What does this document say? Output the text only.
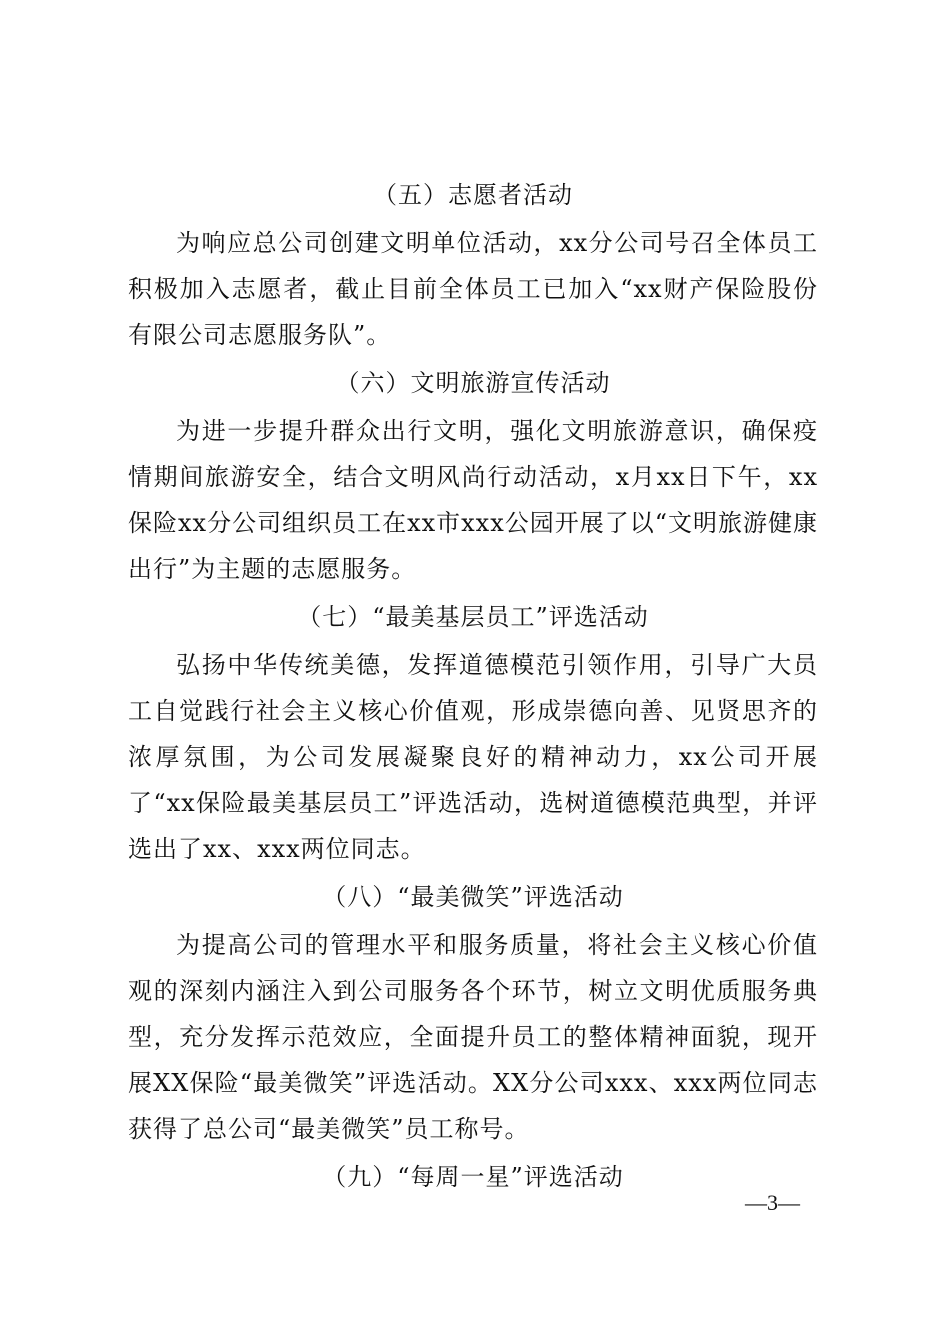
（五）志愿者活动

为响应总公司创建文明单位活动，xx分公司号召全体员工积极加入志愿者，截止目前全体员工已加入“xx财产保险股份有限公司志愿服务队”。

（六）文明旅游宣传活动

为进一步提升群众出行文明，强化文明旅游意识，确保疫情期间旅游安全，结合文明风尚行动活动，x月xx日下午，xx保险xx分公司组织员工在xx市xxx公园开展了以“文明旅游健康出行”为主题的志愿服务。

（七）“最美基层员工”评选活动

弘扬中华传统美德，发挥道德模范引领作用，引导广大员工自觉践行社会主义核心价值观，形成崇德向善、见贤思齐的浓厚氛围，为公司发展凝聚良好的精神动力，xx公司开展了“xx保险最美基层员工”评选活动，选树道德模范典型，并评选出了xx、xxx两位同志。

（八）“最美微笑”评选活动

为提高公司的管理水平和服务质量，将社会主义核心价值观的深刻内涵注入到公司服务各个环节，树立文明优质服务典型，充分发挥示范效应，全面提升员工的整体精神面貌，现开展XX保险“最美微笑”评选活动。XX分公司xxx、xxx两位同志获得了总公司“最美微笑”员工称号。

（九）“每周一星”评选活动
—3—
